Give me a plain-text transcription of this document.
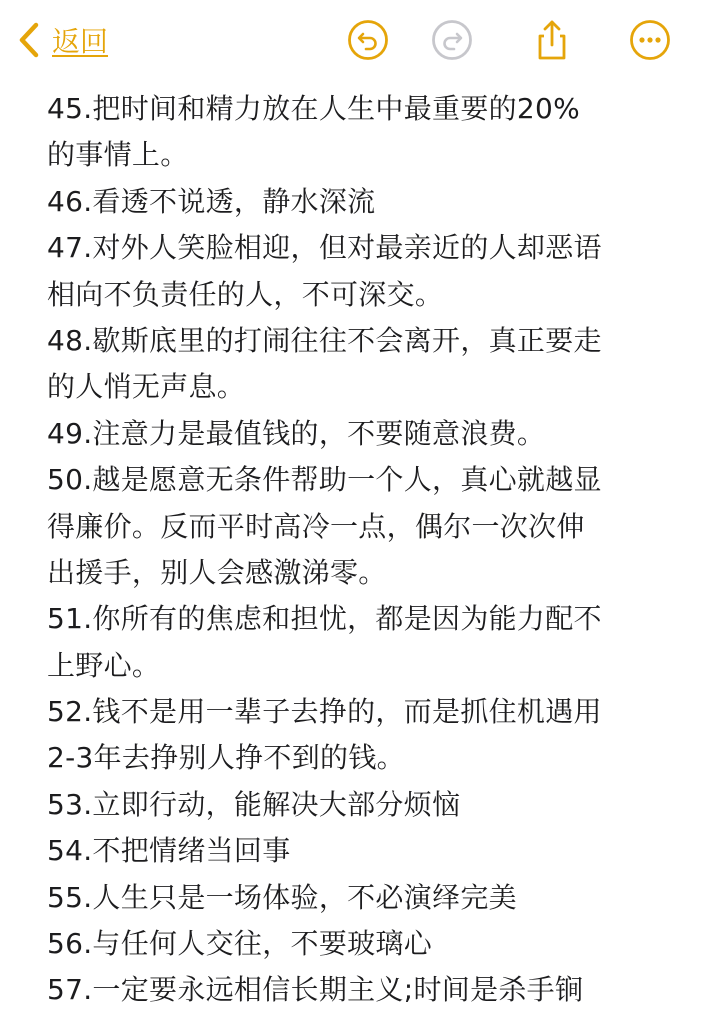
返回
45.把时间和精力放在人生中最重要的20%
的事情上。
46.看透不说透，静水深流
47.对外人笑脸相迎，但对最亲近的人却恶语
相向不负责任的人，不可深交。
48.歇斯底里的打闹往往不会离开，真正要走
的人悄无声息。
49.注意力是最值钱的，不要随意浪费。
50.越是愿意无条件帮助一个人，真心就越显
得廉价。反而平时高冷一点，偶尔一次次伸
出援手，别人会感激涕零。
51.你所有的焦虑和担忧，都是因为能力配不
上野心。
52.钱不是用一辈子去挣的，而是抓住机遇用
2-3年去挣别人挣不到的钱。
53.立即行动，能解决大部分烦恼
54.不把情绪当回事
55.人生只是一场体验，不必演绎完美
56.与任何人交往，不要玻璃心
57.一定要永远相信长期主义;时间是杀手锏
